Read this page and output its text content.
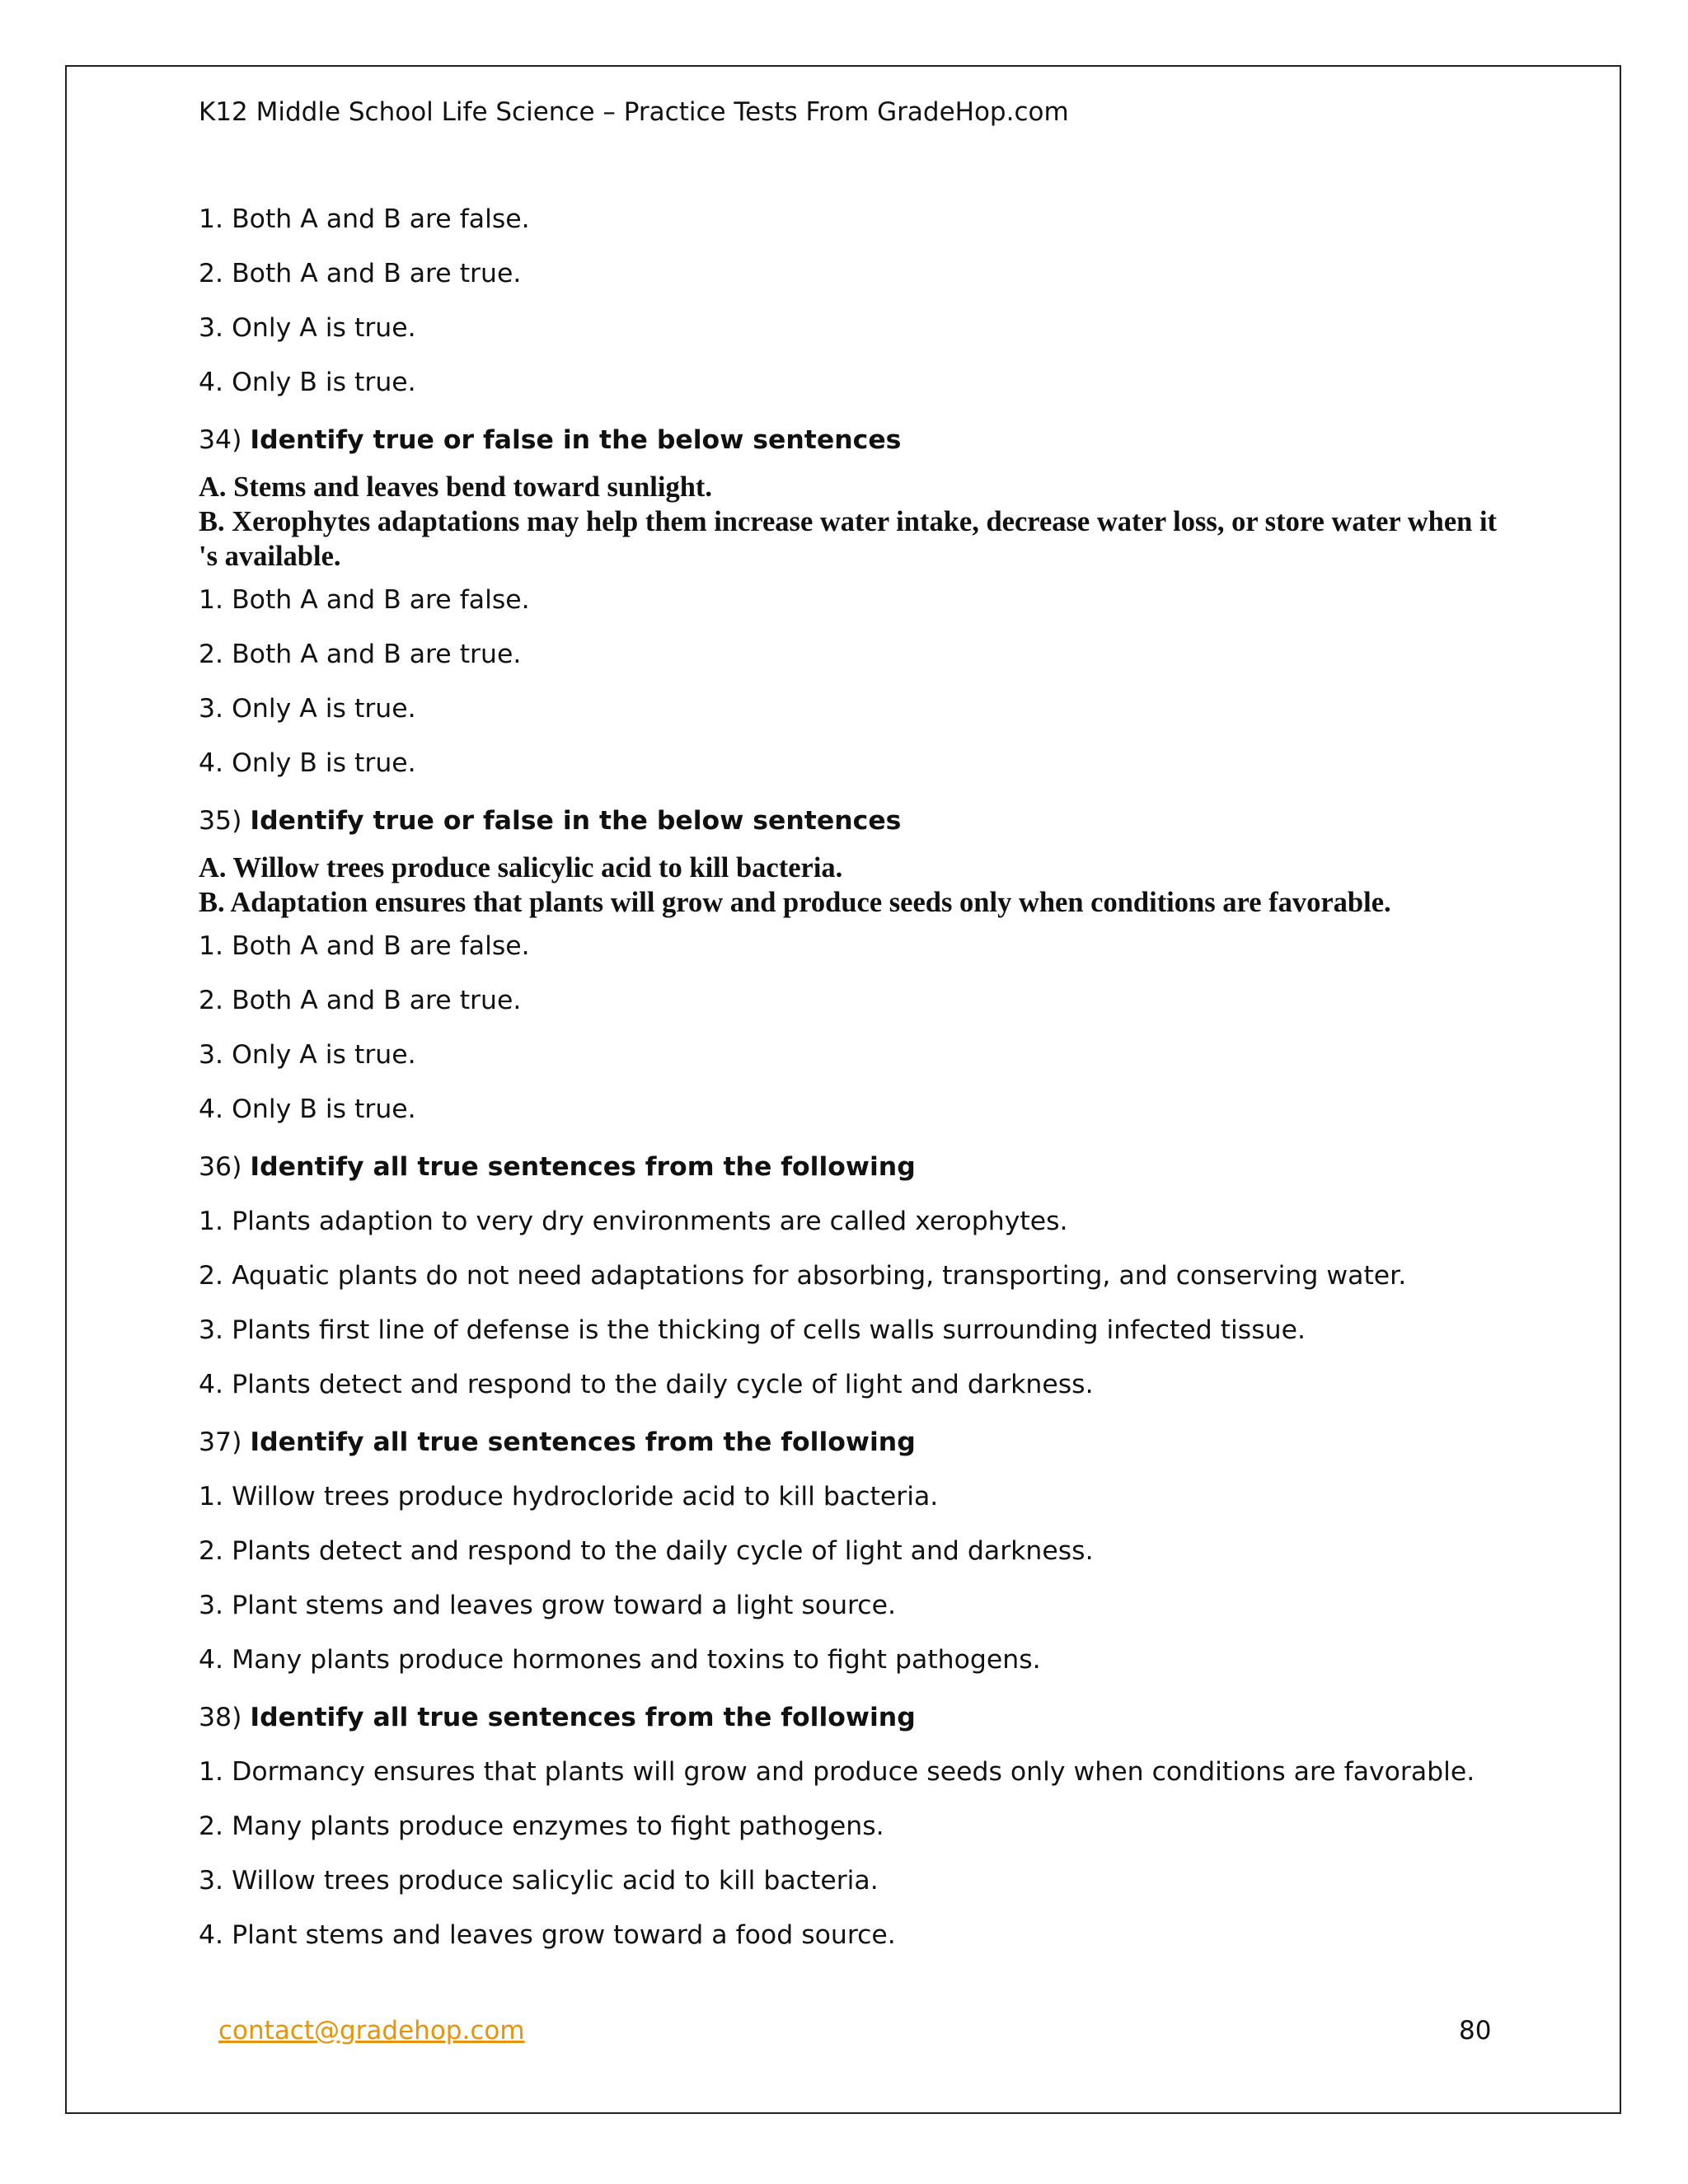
K12 Middle School Life Science – Practice Tests From GradeHop.com
1. Both A and B are false.
2. Both A and B are true.
3. Only A is true.
4. Only B is true.
34) Identify true or false in the below sentences
A. Stems and leaves bend toward sunlight.
B. Xerophytes adaptations may help them increase water intake, decrease water loss, or store water when it 's available.
1. Both A and B are false.
2. Both A and B are true.
3. Only A is true.
4. Only B is true.
35) Identify true or false in the below sentences
A. Willow trees produce salicylic acid to kill bacteria.
B. Adaptation ensures that plants will grow and produce seeds only when conditions are favorable.
1. Both A and B are false.
2. Both A and B are true.
3. Only A is true.
4. Only B is true.
36) Identify all true sentences from the following
1. Plants adaption to very dry environments are called xerophytes.
2. Aquatic plants do not need adaptations for absorbing, transporting, and conserving water.
3. Plants first line of defense is the thicking of cells walls surrounding infected tissue.
4. Plants detect and respond to the daily cycle of light and darkness.
37) Identify all true sentences from the following
1. Willow trees produce hydrocloride acid to kill bacteria.
2. Plants detect and respond to the daily cycle of light and darkness.
3. Plant stems and leaves grow toward a light source.
4. Many plants produce hormones and toxins to fight pathogens.
38) Identify all true sentences from the following
1. Dormancy ensures that plants will grow and produce seeds only when conditions are favorable.
2. Many plants produce enzymes to fight pathogens.
3. Willow trees produce salicylic acid to kill bacteria.
4. Plant stems and leaves grow toward a food source.
contact@gradehop.com	80
